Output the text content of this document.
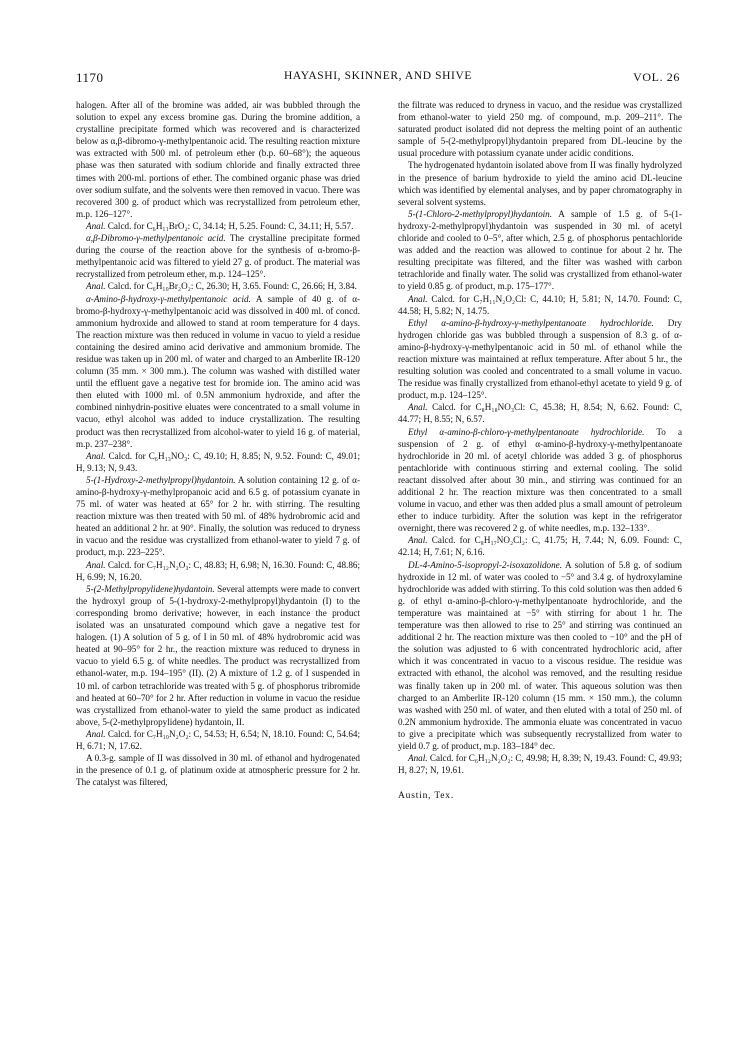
1170	HAYASHI, SKINNER, AND SHIVE	VOL. 26

halogen. After all of the bromine was added, air was bubbled through the solution to expel any excess bromine gas. During the bromine addition, a crystalline precipitate formed which was recovered and is characterized below as α,β-dibromo-γ-methylpentanoic acid. The resulting reaction mixture was extracted with 500 ml. of petroleum ether (b.p. 60–68°); the aqueous phase was then saturated with sodium chloride and finally extracted three times with 200-ml. portions of ether. The combined organic phase was dried over sodium sulfate, and the solvents were then removed in vacuo. There was recovered 300 g. of product which was recrystallized from petroleum ether, m.p. 126–127°.

Anal. Calcd. for C₆H₁₁BrO₂: C, 34.14; H, 5.25. Found: C, 34.11; H, 5.57.

α,β-Dibromo-γ-methylpentanoic acid. The crystalline precipitate formed during the course of the reaction above for the synthesis of α-bromo-β-methylpentanoic acid was filtered to yield 27 g. of product. The material was recrystallized from petroleum ether, m.p. 124–125°.

Anal. Calcd. for C₆H₁₀Br₂O₂: C, 26.30; H, 3.65. Found: C, 26.66; H, 3.84.

α-Amino-β-hydroxy-γ-methylpentanoic acid. A sample of 40 g. of α-bromo-β-hydroxy-γ-methylpentanoic acid was dissolved in 400 ml. of concd. ammonium hydroxide and allowed to stand at room temperature for 4 days. The reaction mixture was then reduced in volume in vacuo to yield a residue containing the desired amino acid derivative and ammonium bromide. The residue was taken up in 200 ml. of water and charged to an Amberlite IR-120 column (35 mm. × 300 mm.). The column was washed with distilled water until the effluent gave a negative test for bromide ion. The amino acid was then eluted with 1000 ml. of 0.5N ammonium hydroxide, and after the combined ninhydrin-positive eluates were concentrated to a small volume in vacuo, ethyl alcohol was added to induce crystallization. The resulting product was then recrystallized from alcohol-water to yield 16 g. of material, m.p. 237–238°.

Anal. Calcd. for C₆H₁₃NO₃: C, 49.10; H, 8.85; N, 9.52. Found: C, 49.01; H, 9.13; N, 9.43.

5-(1-Hydroxy-2-methylpropyl)hydantoin. A solution containing 12 g. of α-amino-β-hydroxy-γ-methylpropanoic acid and 6.5 g. of potassium cyanate in 75 ml. of water was heated at 65° for 2 hr. with stirring. The resulting reaction mixture was then treated with 50 ml. of 48% hydrobromic acid and heated an additional 2 hr. at 90°. Finally, the solution was reduced to dryness in vacuo and the residue was crystallized from ethanol-water to yield 7 g. of product, m.p. 223–225°.

Anal. Calcd. for C₇H₁₂N₂O₃: C, 48.83; H, 6.98; N, 16.30. Found: C, 48.86; H, 6.99; N, 16.20.

5-(2-Methylpropylidene)hydantoin. Several attempts were made to convert the hydroxyl group of 5-(1-hydroxy-2-methylpropyl)hydantoin (I) to the corresponding bromo derivative; however, in each instance the product isolated was an unsaturated compound which gave a negative test for halogen. (1) A solution of 5 g. of I in 50 ml. of 48% hydrobromic acid was heated at 90–95° for 2 hr., the reaction mixture was reduced to dryness in vacuo to yield 6.5 g. of white needles. The product was recrystallized from ethanol-water, m.p. 194–195° (II). (2) A mixture of 1.2 g. of I suspended in 10 ml. of carbon tetrachloride was treated with 5 g. of phosphorus tribromide and heated at 60–70° for 2 hr. After reduction in volume in vacuo the residue was crystallized from ethanol-water to yield the same product as indicated above, 5-(2-methylpropylidene) hydantoin, II.

Anal. Calcd. for C₇H₁₀N₂O₂: C, 54.53; H, 6.54; N, 18.10. Found: C, 54.64; H, 6.71; N, 17.62.

A 0.3-g. sample of II was dissolved in 30 ml. of ethanol and hydrogenated in the presence of 0.1 g. of platinum oxide at atmospheric pressure for 2 hr. The catalyst was filtered,

the filtrate was reduced to dryness in vacuo, and the residue was crystallized from ethanol-water to yield 250 mg. of compound, m.p. 209–211°. The saturated product isolated did not depress the melting point of an authentic sample of 5-(2-methylpropyl)hydantoin prepared from DL-leucine by the usual procedure with potassium cyanate under acidic conditions.

The hydrogenated hydantoin isolated above from II was finally hydrolyzed in the presence of barium hydroxide to yield the amino acid DL-leucine which was identified by elemental analyses, and by paper chromatography in several solvent systems.

5-(1-Chloro-2-methylpropyl)hydantoin. A sample of 1.5 g. of 5-(1-hydroxy-2-methylpropyl)hydantoin was suspended in 30 ml. of acetyl chloride and cooled to 0–5°, after which, 2.5 g. of phosphorus pentachloride was added and the reaction was allowed to continue for about 2 hr. The resulting precipitate was filtered, and the filter was washed with carbon tetrachloride and finally water. The solid was crystallized from ethanol-water to yield 0.85 g. of product, m.p. 175–177°.

Anal. Calcd. for C₇H₁₁N₂O₂Cl: C, 44.10; H, 5.81; N, 14.70. Found: C, 44.58; H, 5.82; N, 14.75.

Ethyl α-amino-β-hydroxy-γ-methylpentanoate hydrochloride. Dry hydrogen chloride gas was bubbled through a suspension of 8.3 g. of α-amino-β-hydroxy-γ-methylpentanoic acid in 50 ml. of ethanol while the reaction mixture was maintained at reflux temperature. After about 5 hr., the resulting solution was cooled and concentrated to a small volume in vacuo. The residue was finally crystallized from ethanol-ethyl acetate to yield 9 g. of product, m.p. 124–125°.

Anal. Calcd. for C₈H₁₈NO₃Cl: C, 45.38; H, 8.54; N, 6.62. Found: C, 44.77; H, 8.55; N, 6.57.

Ethyl α-amino-β-chloro-γ-methylpentanoate hydrochloride. To a suspension of 2 g. of ethyl α-amino-β-hydroxy-γ-methylpentanoate hydrochloride in 20 ml. of acetyl chloride was added 3 g. of phosphorus pentachloride with continuous stirring and external cooling. The solid reactant dissolved after about 30 min., and stirring was continued for an additional 2 hr. The reaction mixture was then concentrated to a small volume in vacuo, and ether was then added plus a small amount of petroleum ether to induce turbidity. After the solution was kept in the refrigerator overnight, there was recovered 2 g. of white needles, m.p. 132–133°.

Anal. Calcd. for C₈H₁₇NO₂Cl₂: C, 41.75; H, 7.44; N, 6.09. Found: C, 42.14; H, 7.61; N, 6.16.

DL-4-Amino-5-isopropyl-2-isoxazolidone. A solution of 5.8 g. of sodium hydroxide in 12 ml. of water was cooled to −5° and 3.4 g. of hydroxylamine hydrochloride was added with stirring. To this cold solution was then added 6 g. of ethyl α-amino-β-chloro-γ-methylpentanoate hydrochloride, and the temperature was maintained at −5° with stirring for about 1 hr. The temperature was then allowed to rise to 25° and stirring was continued an additional 2 hr. The reaction mixture was then cooled to −10° and the pH of the solution was adjusted to 6 with concentrated hydrochloric acid, after which it was concentrated in vacuo to a viscous residue. The residue was extracted with ethanol, the alcohol was removed, and the resulting residue was finally taken up in 200 ml. of water. This aqueous solution was then charged to an Amberlite IR-120 column (15 mm. × 150 mm.), the column was washed with 250 ml. of water, and then eluted with a total of 250 ml. of 0.2N ammonium hydroxide. The ammonia eluate was concentrated in vacuo to give a precipitate which was subsequently recrystallized from water to yield 0.7 g. of product, m.p. 183–184° dec.

Anal. Calcd. for C₆H₁₂N₂O₂: C, 49.98; H, 8.39; N, 19.43. Found: C, 49.93; H, 8.27; N, 19.61.

Austin, Tex.
